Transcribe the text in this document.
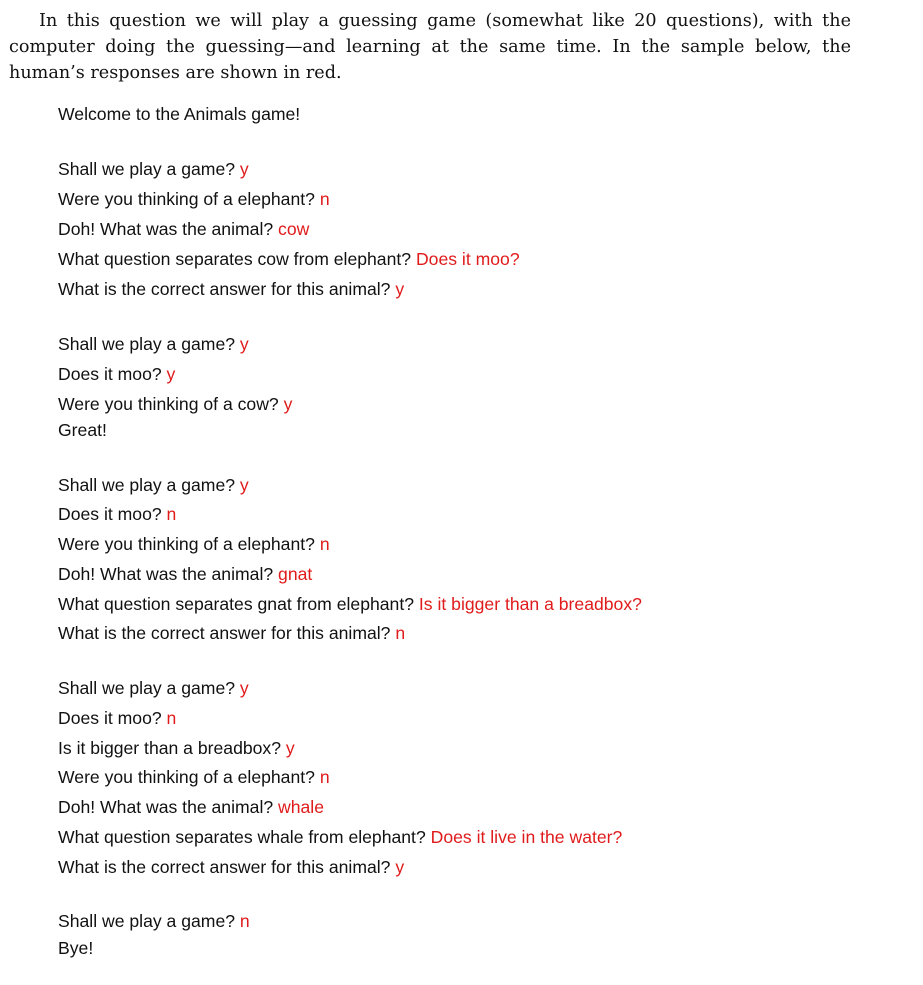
In this question we will play a guessing game (somewhat like 20 questions), with the computer doing the guessing—and learning at the same time. In the sample below, the human’s responses are shown in red.

Welcome to the Animals game!
Shall we play a game? y
Were you thinking of a elephant? n
Doh! What was the animal? cow
What question separates cow from elephant? Does it moo?
What is the correct answer for this animal? y
Shall we play a game? y
Does it moo? y
Were you thinking of a cow? y
Great!
Shall we play a game? y
Does it moo? n
Were you thinking of a elephant? n
Doh! What was the animal? gnat
What question separates gnat from elephant? Is it bigger than a breadbox?
What is the correct answer for this animal? n
Shall we play a game? y
Does it moo? n
Is it bigger than a breadbox? y
Were you thinking of a elephant? n
Doh! What was the animal? whale
What question separates whale from elephant? Does it live in the water?
What is the correct answer for this animal? y
Shall we play a game? n
Bye!
